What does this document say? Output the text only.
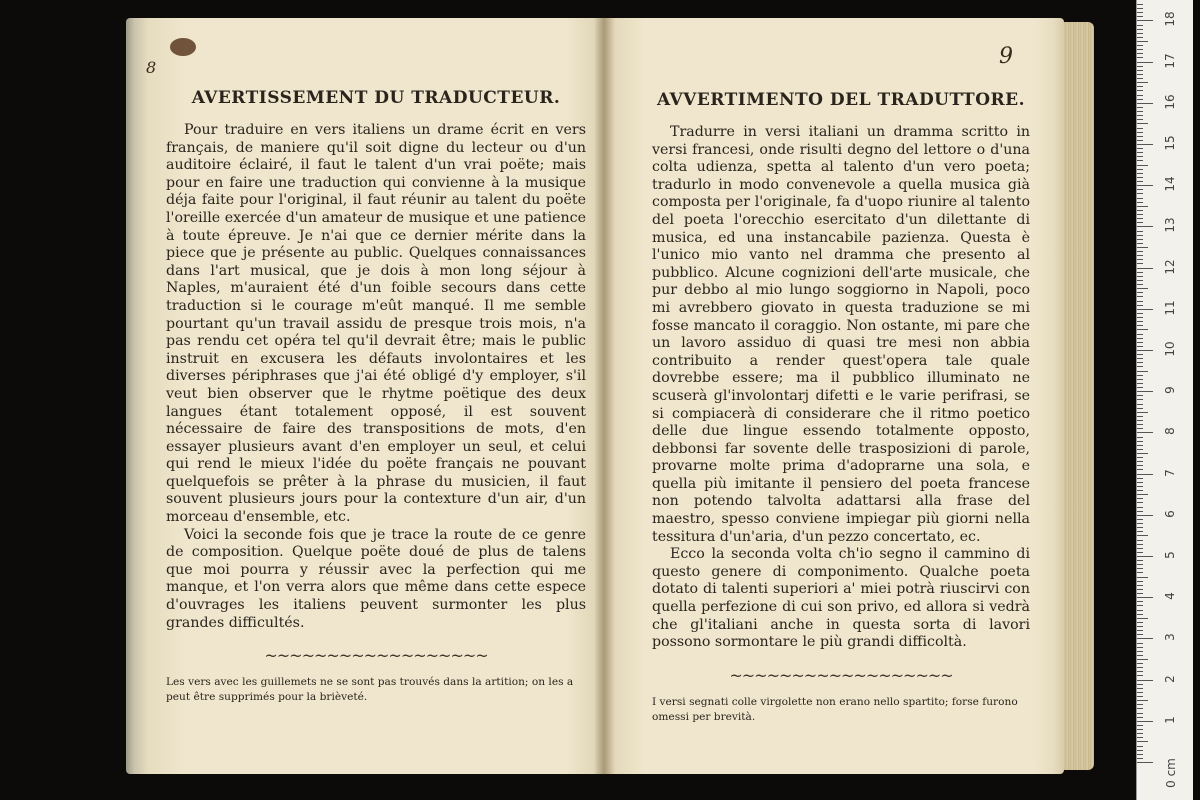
8
AVERTISSEMENT DU TRADUCTEUR.

Pour traduire en vers italiens un drame écrit en vers français, de maniere qu'il soit digne du lecteur ou d'un auditoire éclairé, il faut le talent d'un vrai poëte; mais pour en faire une traduction qui convienne à la musique déja faite pour l'original, il faut réunir au talent du poëte l'oreille exercée d'un amateur de musique et une patience à toute épreuve. Je n'ai que ce dernier mérite dans la piece que je présente au public. Quelques connaissances dans l'art musical, que je dois à mon long séjour à Naples, m'auraient été d'un foible secours dans cette traduction si le courage m'eût manqué. Il me semble pourtant qu'un travail assidu de presque trois mois, n'a pas rendu cet opéra tel qu'il devrait être; mais le public instruit en excusera les défauts involontaires et les diverses périphrases que j'ai été obligé d'y employer, s'il veut bien observer que le rhytme poëtique des deux langues étant totalement opposé, il est souvent nécessaire de faire des transpositions de mots, d'en essayer plusieurs avant d'en employer un seul, et celui qui rend le mieux l'idée du poëte français ne pouvant quelquefois se prêter à la phrase du musicien, il faut souvent plusieurs jours pour la contexture d'un air, d'un morceau d'ensemble, etc.

Voici la seconde fois que je trace la route de ce genre de composition. Quelque poëte doué de plus de talens que moi pourra y réussir avec la perfection qui me manque, et l'on verra alors que même dans cette espece d'ouvrages les italiens peuvent surmonter les plus grandes difficultés.

~~~~~~~~~~~~~~~~~~

Les vers avec les guillemets ne se sont pas trouvés dans la artition; on les a peut être supprimés pour la brièveté.

9
AVVERTIMENTO DEL TRADUTTORE.

Tradurre in versi italiani un dramma scritto in versi francesi, onde risulti degno del lettore o d'una colta udienza, spetta al talento d'un vero poeta; tradurlo in modo convenevole a quella musica già composta per l'originale, fa d'uopo riunire al talento del poeta l'orecchio esercitato d'un dilettante di musica, ed una instancabile pazienza. Questa è l'unico mio vanto nel dramma che presento al pubblico. Alcune cognizioni dell'arte musicale, che pur debbo al mio lungo soggiorno in Napoli, poco mi avrebbero giovato in questa traduzione se mi fosse mancato il coraggio. Non ostante, mi pare che un lavoro assiduo di quasi tre mesi non abbia contribuito a render quest'opera tale quale dovrebbe essere; ma il pubblico illuminato ne scuserà gl'involontarj difetti e le varie perifrasi, se si compiacerà di considerare che il ritmo poetico delle due lingue essendo totalmente opposto, debbonsi far sovente delle trasposizioni di parole, provarne molte prima d'adoprarne una sola, e quella più imitante il pensiero del poeta francese non potendo talvolta adattarsi alla frase del maestro, spesso conviene impiegar più giorni nella tessitura d'un'aria, d'un pezzo concertato, ec.

Ecco la seconda volta ch'io segno il cammino di questo genere di componimento. Qualche poeta dotato di talenti superiori a' miei potrà riuscirvi con quella perfezione di cui son privo, ed allora si vedrà che gl'italiani anche in questa sorta di lavori possono sormontare le più grandi difficoltà.

~~~~~~~~~~~~~~~~~~

I versi segnati colle virgolette non erano nello spartito; forse furono omessi per brevità.

0 cm
1
2
3
4
5
6
7
8
9
10
11
12
13
14
15
16
17
18
